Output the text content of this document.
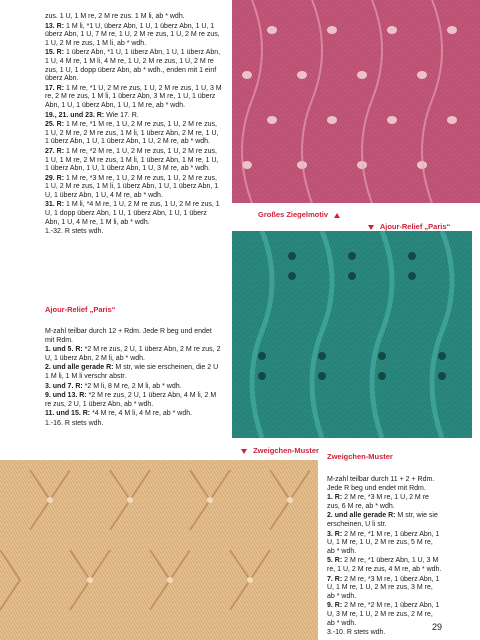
zus. 1 U, 1 M re, 2 M re zus. 1 M li, ab * wdh.

13. R: 1 M li, *1 U, überz Abn, 1 U, 1 überz Abn, 1 U, 1 überz Abn, 1 U, 7 M re, 1 U, 2 M re zus, 1 U, 2 M re zus, 1 U, 2 M re zus, 1 M li, ab * wdh.

15. R: 1 überz Abn, *1 U, 1 überz Abn, 1 U, 1 überz Abn, 1 U, 4 M re, 1 M li, 4 M re, 1 U, 2 M re zus, 1 U, 2 M re zus, 1 U, 1 dopp überz Abn, ab * wdh., enden mit 1 einf überz Abn.

17. R: 1 M re, *1 U, 2 M re zus, 1 U, 2 M re zus, 1 U, 3 M re, 2 M re zus, 1 M li, 1 überz Abn, 3 M re, 1 U, 1 überz Abn, 1 U, 1 überz Abn, 1 U, 1 M re, ab * wdh.

19., 21. und 23. R: Wie 17. R.

25. R: 1 M re, *1 M re, 1 U, 2 M re zus, 1 U, 2 M re zus, 1 U, 2 M re, 2 M re zus, 1 M li, 1 überz Abn, 2 M re, 1 U, 1 überz Abn, 1 U, 1 überz Abn, 1 U, 2 M re, ab * wdh.

27. R: 1 M re, *2 M re, 1 U, 2 M re zus, 1 U, 2 M re zus, 1 U, 1 M re, 2 M re zus, 1 M li, 1 überz Abn, 1 M re, 1 U, 1 überz Abn, 1 U, 1 überz Abn, 1 U, 3 M re, ab * wdh.

29. R: 1 M re, *3 M re, 1 U, 2 M re zus, 1 U, 2 M re zus, 1 U, 2 M re zus, 1 M li, 1 überz Abn, 1 U, 1 überz Abn, 1 U, 1 überz Abn, 1 U, 4 M re, ab * wdh.

31. R: 1 M li, *4 M re, 1 U, 2 M re zus, 1 U, 2 M re zus, 1 U, 1 dopp überz Abn, 1 U, 1 überz Abn, 1 U, 1 überz Abn, 1 U, 4 M re, 1 M li, ab * wdh.

1.-32. R stets wdh.

Ajour-Relief „Paris“

M-zahl teilbar durch 12 + Rdm. Jede R beg und endet mit Rdm.

1. und 5. R: *2 M re zus, 2 U, 1 überz Abn, 2 M re zus, 2 U, 1 überz Abn, 2 M li, ab * wdh.

2. und alle gerade R: M str, wie sie erscheinen, die 2 U 1 M li, 1 M li verschr abstr.

3. und 7. R: *2 M li, 8 M re, 2 M li, ab * wdh.

9. und 13. R: *2 M re zus, 2 U, 1 überz Abn, 4 M li, 2 M re zus, 2 U, 1 überz Abn, ab * wdh.

11. und 15. R: *4 M re, 4 M li, 4 M re, ab * wdh.

1.-16. R stets wdh.

Großes Ziegelmotiv
Ajour-Relief „Paris“
Zweigchen-Muster
Zweigchen-Muster

M-zahl teilbar durch 11 + 2 + Rdm. Jede R beg und endet mit Rdm.

1. R: 2 M re, *3 M re, 1 U, 2 M re zus, 6 M re, ab * wdh.

2. und alle gerade R: M str, wie sie erscheinen, U li str.

3. R: 2 M re, *1 M re, 1 überz Abn, 1 U, 1 M re, 1 U, 2 M re zus, 5 M re, ab * wdh.

5. R: 2 M re, *1 überz Abn, 1 U, 3 M re, 1 U, 2 M re zus, 4 M re, ab * wdh.

7. R: 2 M re, *3 M re, 1 überz Abn, 1 U, 1 M re, 1 U, 2 M re zus, 3 M re, ab * wdh.

9. R: 2 M re, *2 M re, 1 überz Abn, 1 U, 3 M re, 1 U, 2 M re zus, 2 M re, ab * wdh.

3.-10. R stets wdh.

29
